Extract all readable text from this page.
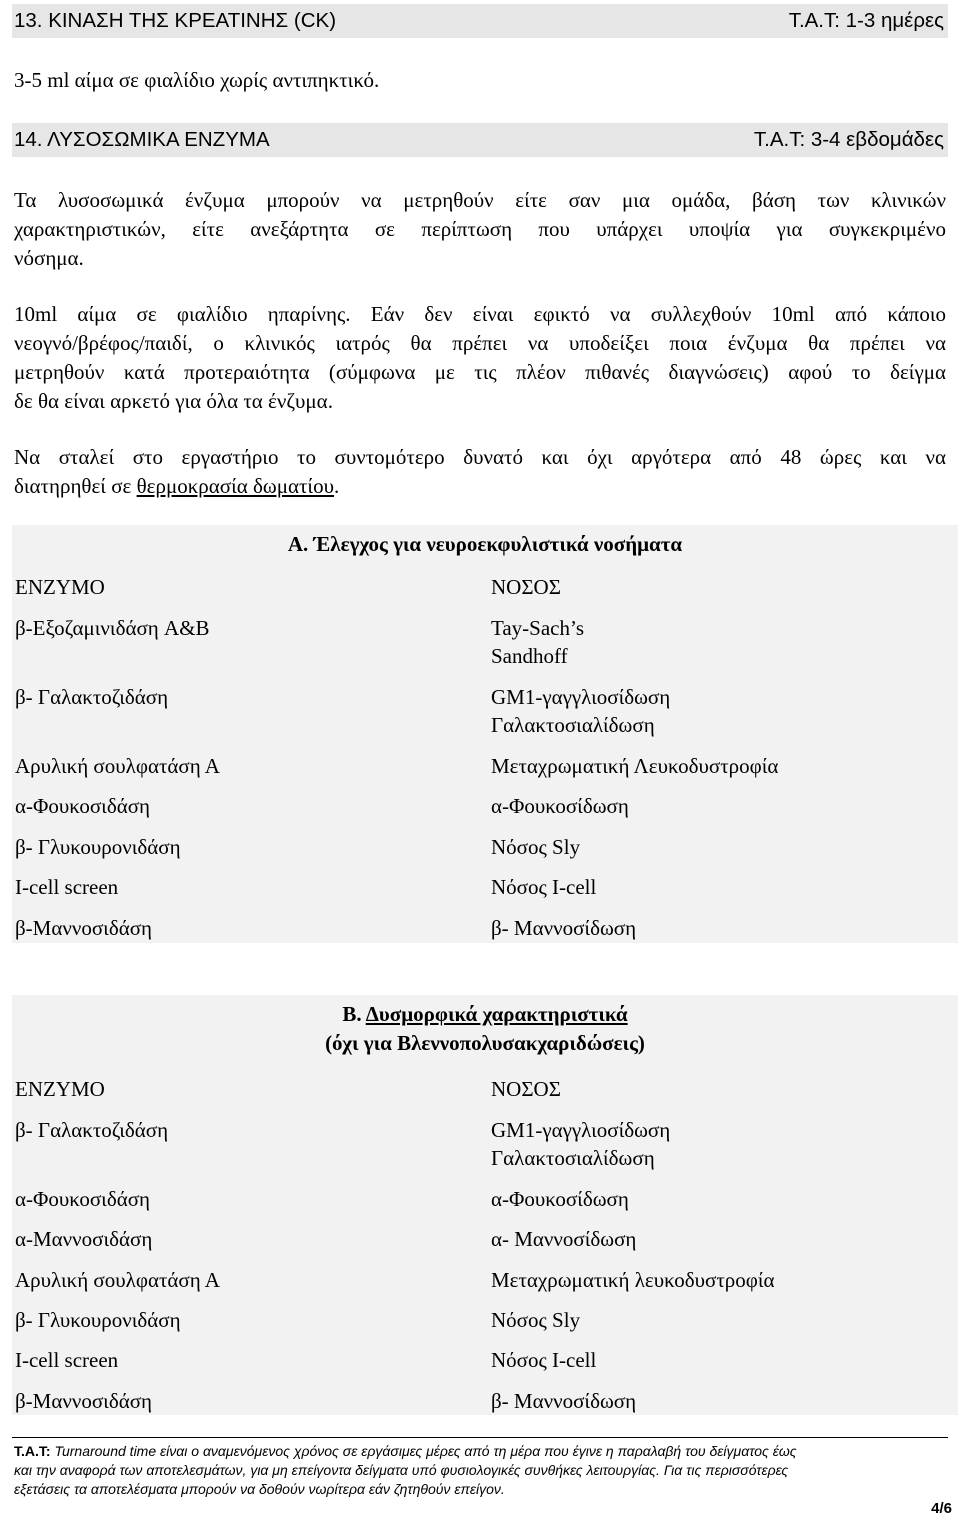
13. ΚΙΝΑΣΗ ΤΗΣ ΚΡΕΑΤΙΝΗΣ (CK)	T.A.T: 1-3 ημέρες
3-5 ml αίμα σε φιαλίδιο χωρίς αντιπηκτικό.
14. ΛΥΣΟΣΩΜΙΚΑ ΕΝΖΥΜΑ	T.A.T: 3-4 εβδομάδες
Τα λυσοσωμικά ένζυμα μπορούν να μετρηθούν είτε σαν μια ομάδα, βάση των κλινικών
χαρακτηριστικών, είτε ανεξάρτητα σε περίπτωση που υπάρχει υποψία για συγκεκριμένο
νόσημα.
10ml αίμα σε φιαλίδιο ηπαρίνης. Εάν δεν είναι εφικτό να συλλεχθούν 10ml από κάποιο
νεογνό/βρέφος/παιδί, ο κλινικός ιατρός θα πρέπει να υποδείξει ποια ένζυμα θα πρέπει να
μετρηθούν κατά προτεραιότητα (σύμφωνα με τις πλέον πιθανές διαγνώσεις) αφού το δείγμα
δε θα είναι αρκετό για όλα τα ένζυμα.
Να σταλεί στο εργαστήριο το συντομότερο δυνατό και όχι αργότερα από 48 ώρες και να
διατηρηθεί σε θερμοκρασία δωματίου.
Α. Έλεγχος για νευροεκφυλιστικά νοσήματα
ΕΝΖΥΜΟ	ΝΟΣΟΣ
β-Εξοζαμινιδάση A&B	Tay-Sach’s
Sandhoff
β- Γαλακτοζιδάση	GM1-γαγγλιοσίδωση
Γαλακτοσιαλίδωση
Αρυλική σουλφατάση Α	Μεταχρωματική Λευκοδυστροφία
α-Φουκοσιδάση	α-Φουκοσίδωση
β- Γλυκουρονιδάση	Νόσος Sly
I-cell screen	Νόσος I-cell
β-Μαννοσιδάση	β- Μαννοσίδωση
Β. Δυσμορφικά χαρακτηριστικά
(όχι για Βλεννοπολυσακχαριδώσεις)
ΕΝΖΥΜΟ	ΝΟΣΟΣ
β- Γαλακτοζιδάση	GM1-γαγγλιοσίδωση
Γαλακτοσιαλίδωση
α-Φουκοσιδάση	α-Φουκοσίδωση
α-Μαννοσιδάση	α- Μαννοσίδωση
Αρυλική σουλφατάση Α	Μεταχρωματική λευκοδυστροφία
β- Γλυκουρονιδάση	Νόσος Sly
I-cell screen	Νόσος I-cell
β-Μαννοσιδάση	β- Μαννοσίδωση
T.A.T: Turnaround time είναι ο αναμενόμενος χρόνος σε εργάσιμες μέρες από τη μέρα που έγινε η παραλαβή του δείγματος έως
και την αναφορά των αποτελεσμάτων, για μη επείγοντα δείγματα υπό φυσιολογικές συνθήκες λειτουργίας. Για τις περισσότερες
εξετάσεις τα αποτελέσματα μπορούν να δοθούν νωρίτερα εάν ζητηθούν επείγον.
4/6
